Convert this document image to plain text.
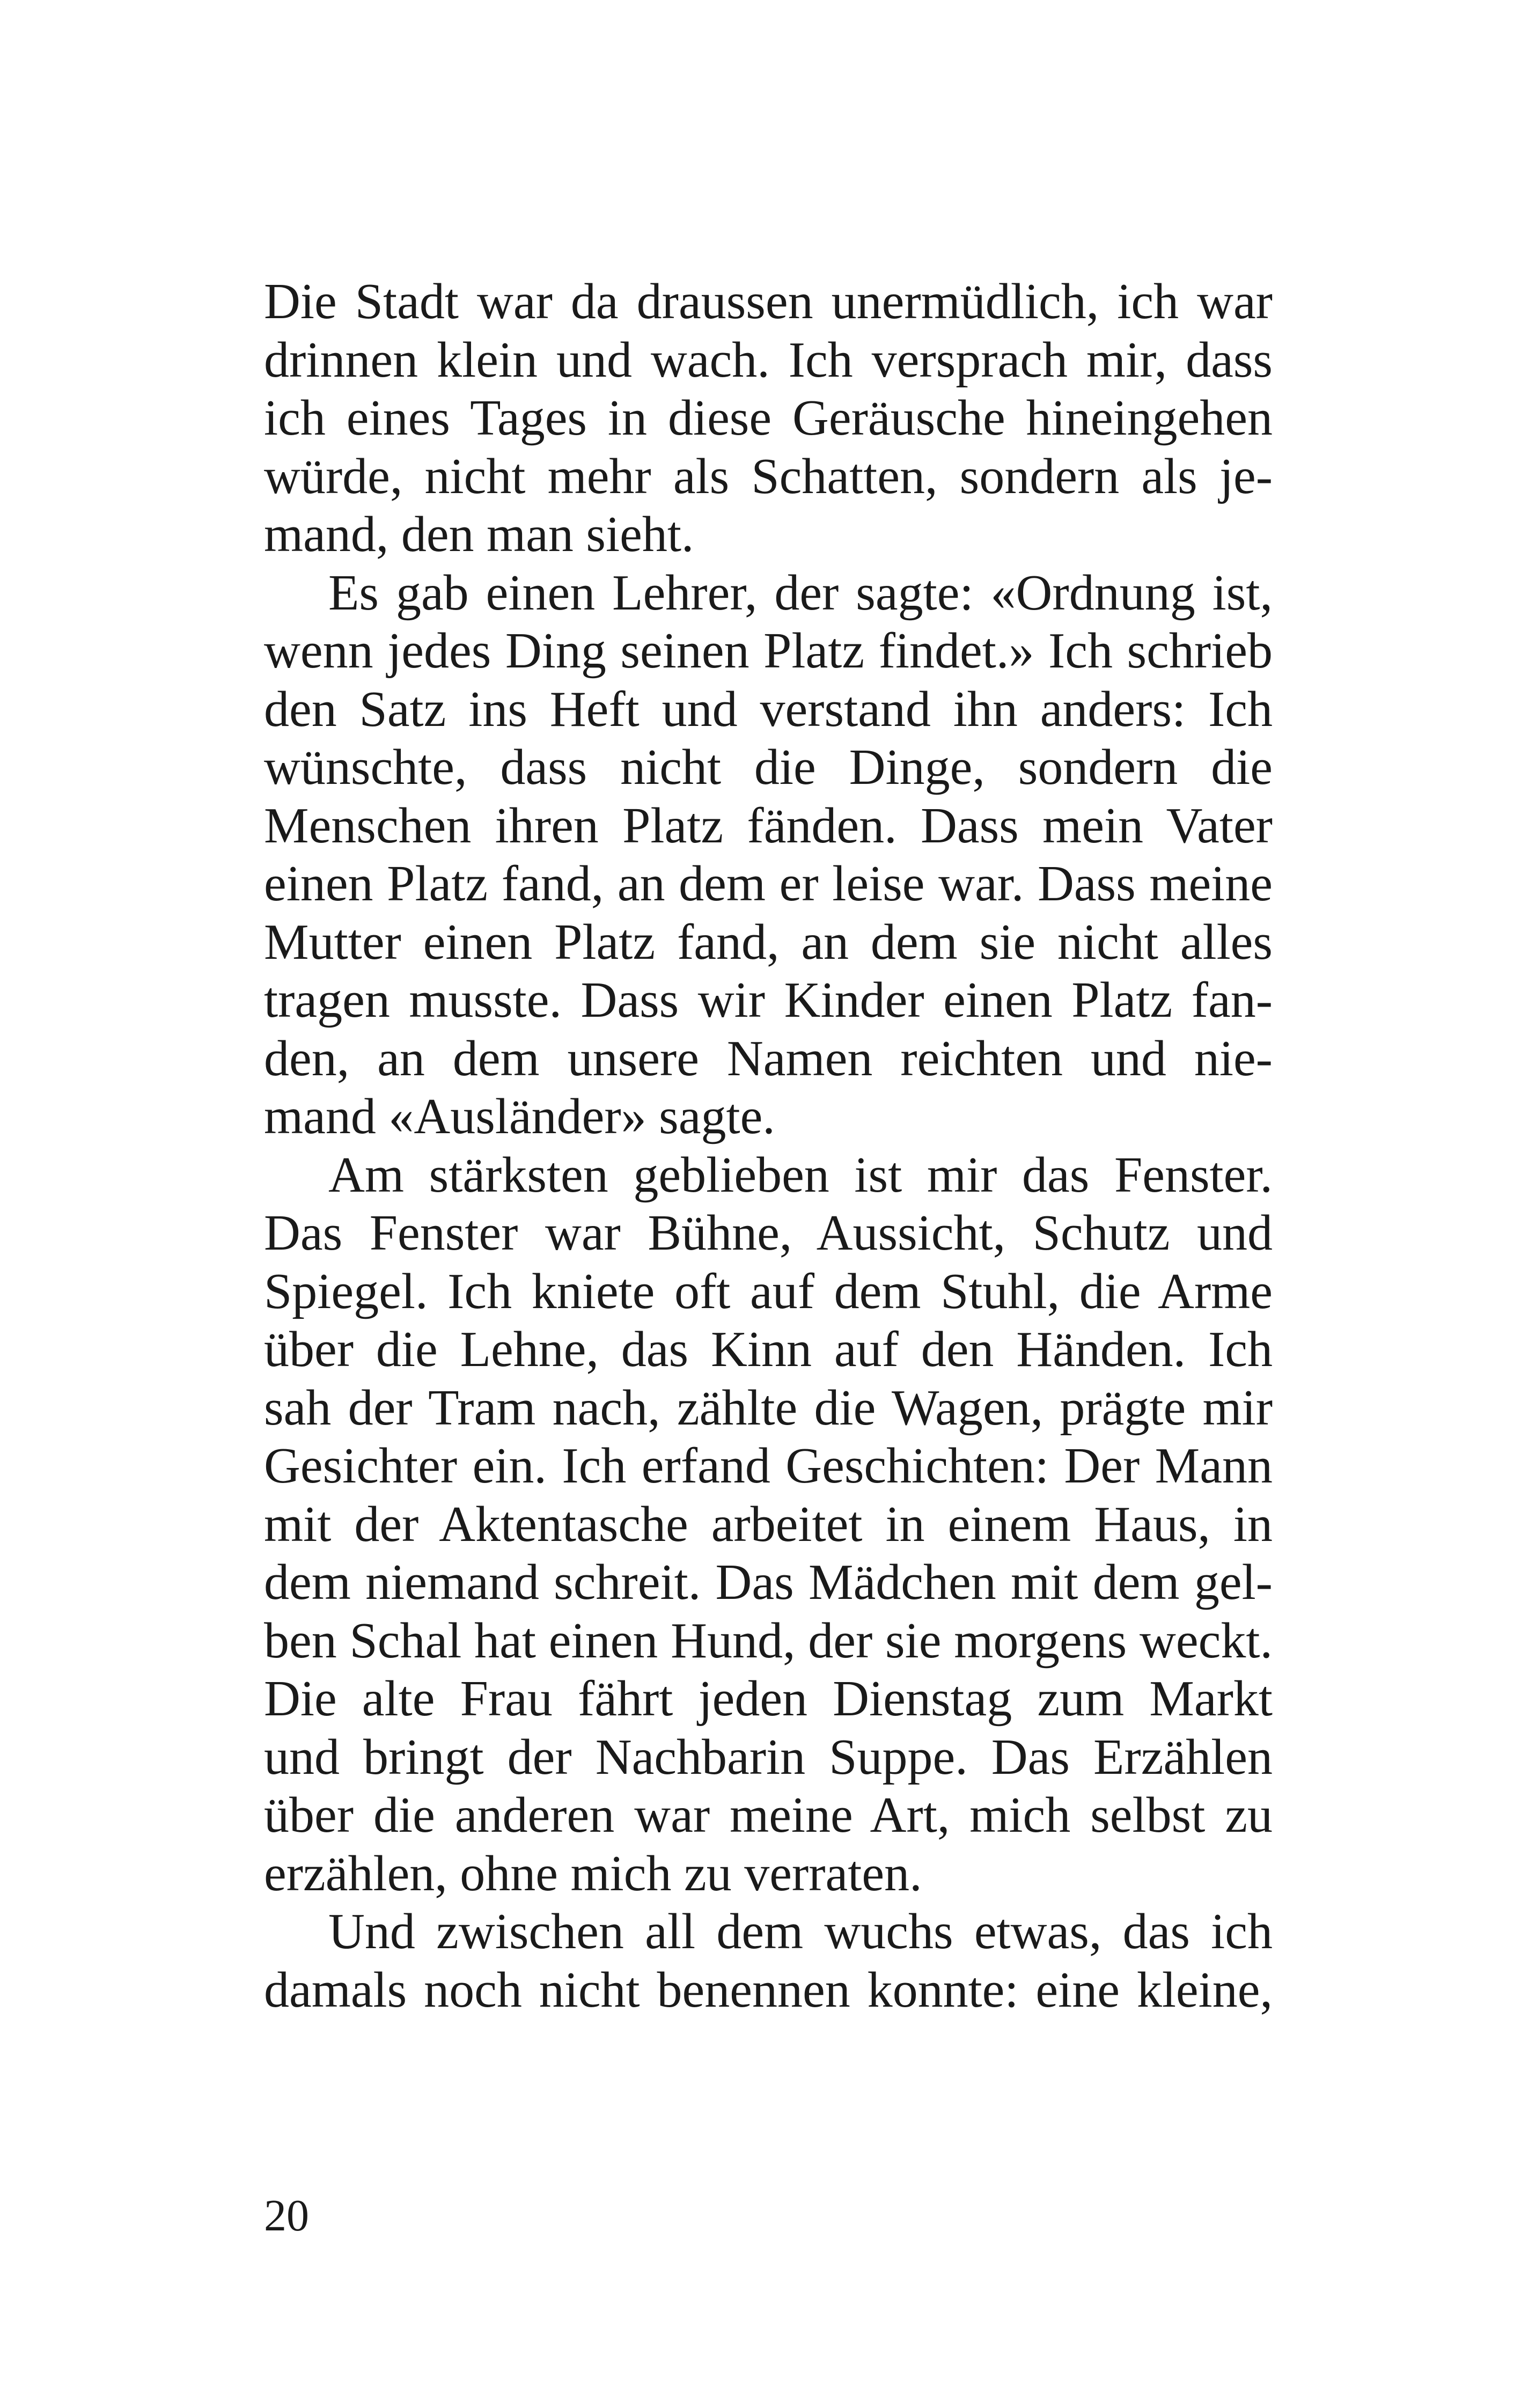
Die Stadt war da draussen unermüdlich, ich war
drinnen klein und wach. Ich versprach mir, dass
ich eines Tages in diese Geräusche hineingehen
würde, nicht mehr als Schatten, sondern als je-
mand, den man sieht.
Es gab einen Lehrer, der sagte: «Ordnung ist,
wenn jedes Ding seinen Platz findet.» Ich schrieb
den Satz ins Heft und verstand ihn anders: Ich
wünschte, dass nicht die Dinge, sondern die
Menschen ihren Platz fänden. Dass mein Vater
einen Platz fand, an dem er leise war. Dass meine
Mutter einen Platz fand, an dem sie nicht alles
tragen musste. Dass wir Kinder einen Platz fan-
den, an dem unsere Namen reichten und nie-
mand «Ausländer» sagte.
Am stärksten geblieben ist mir das Fenster.
Das Fenster war Bühne, Aussicht, Schutz und
Spiegel. Ich kniete oft auf dem Stuhl, die Arme
über die Lehne, das Kinn auf den Händen. Ich
sah der Tram nach, zählte die Wagen, prägte mir
Gesichter ein. Ich erfand Geschichten: Der Mann
mit der Aktentasche arbeitet in einem Haus, in
dem niemand schreit. Das Mädchen mit dem gel-
ben Schal hat einen Hund, der sie morgens weckt.
Die alte Frau fährt jeden Dienstag zum Markt
und bringt der Nachbarin Suppe. Das Erzählen
über die anderen war meine Art, mich selbst zu
erzählen, ohne mich zu verraten.
Und zwischen all dem wuchs etwas, das ich
damals noch nicht benennen konnte: eine kleine,
20
